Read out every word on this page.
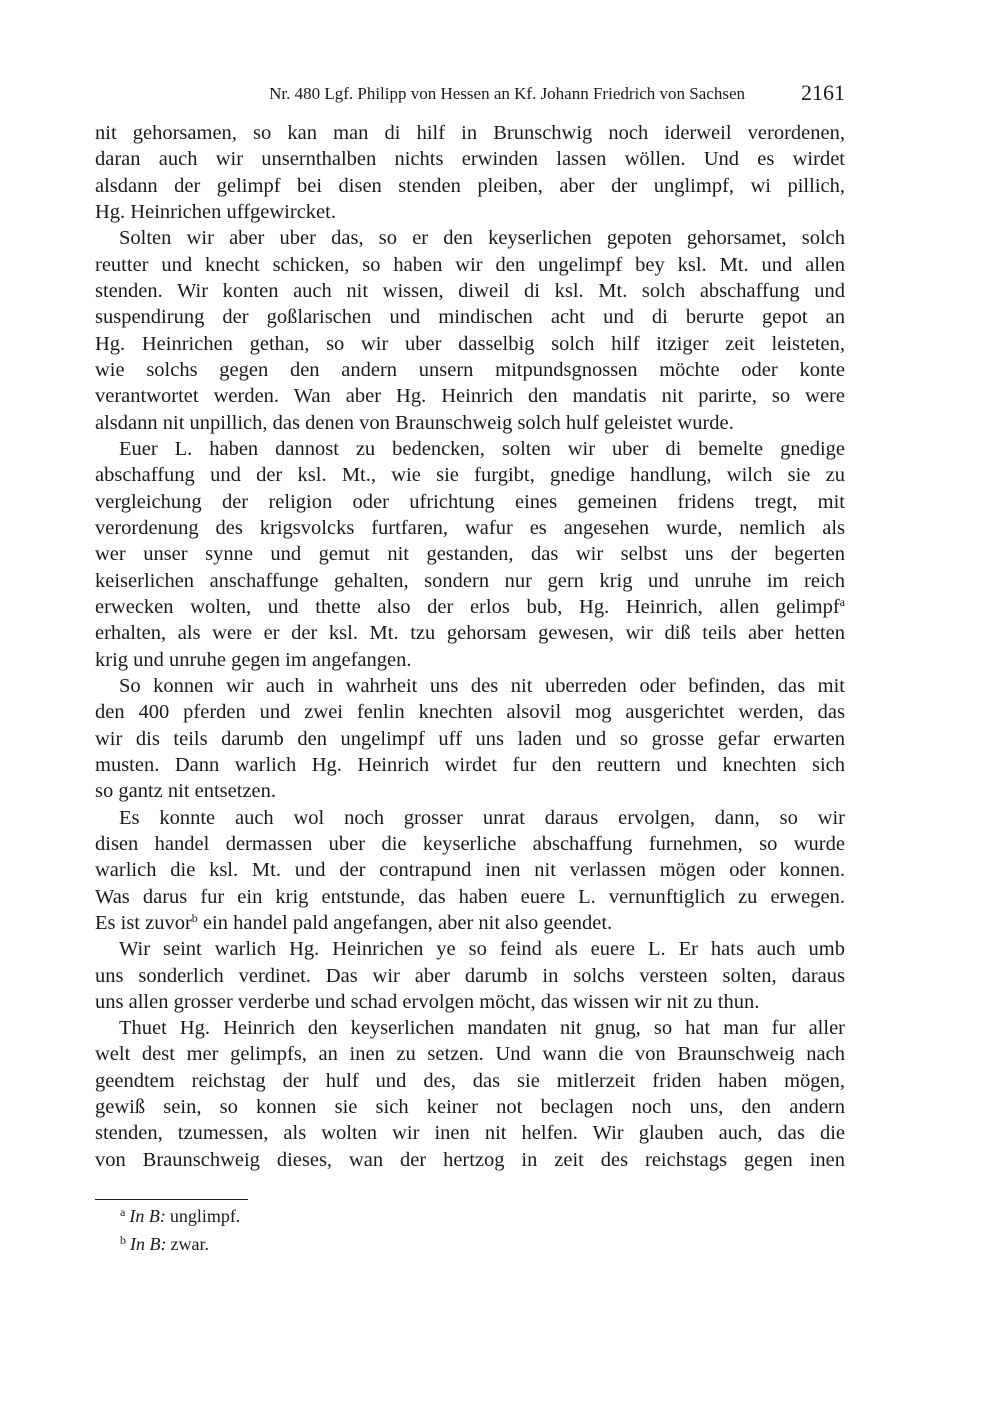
Nr. 480 Lgf. Philipp von Hessen an Kf. Johann Friedrich von Sachsen	2161
nit gehorsamen, so kan man di hilf in Brunschwig noch iderweil verordenen,
daran auch wir unsernthalben nichts erwinden lassen wöllen. Und es wirdet
alsdann der gelimpf bei disen stenden pleiben, aber der unglimpf, wi pillich,
Hg. Heinrichen uffgewircket.
Solten wir aber uber das, so er den keyserlichen gepoten gehorsamet, solch
reutter und knecht schicken, so haben wir den ungelimpf bey ksl. Mt. und allen
stenden. Wir konten auch nit wissen, diweil di ksl. Mt. solch abschaffung und
suspendirung der goßlarischen und mindischen acht und di berurte gepot an
Hg. Heinrichen gethan, so wir uber dasselbig solch hilf itziger zeit leisteten,
wie solchs gegen den andern unsern mitpundsgnossen möchte oder konte
verantwortet werden. Wan aber Hg. Heinrich den mandatis nit parirte, so were
alsdann nit unpillich, das denen von Braunschweig solch hulf geleistet wurde.
Euer L. haben dannost zu bedencken, solten wir uber di bemelte gnedige
abschaffung und der ksl. Mt., wie sie furgibt, gnedige handlung, wilch sie zu
vergleichung der religion oder ufrichtung eines gemeinen fridens tregt, mit
verordenung des krigsvolcks furtfaren, wafur es angesehen wurde, nemlich als
wer unser synne und gemut nit gestanden, das wir selbst uns der begerten
keiserlichen anschaffunge gehalten, sondern nur gern krig und unruhe im reich
erwecken wolten, und thette also der erlos bub, Hg. Heinrich, allen gelimpf$^a$
erhalten, als were er der ksl. Mt. tzu gehorsam gewesen, wir diß teils aber hetten
krig und unruhe gegen im angefangen.
So konnen wir auch in wahrheit uns des nit uberreden oder befinden, das mit
den 400 pferden und zwei fenlin knechten alsovil mog ausgerichtet werden, das
wir dis teils darumb den ungelimpf uff uns laden und so grosse gefar erwarten
musten. Dann warlich Hg. Heinrich wirdet fur den reuttern und knechten sich
so gantz nit entsetzen.
Es konnte auch wol noch grosser unrat daraus ervolgen, dann, so wir
disen handel dermassen uber die keyserliche abschaffung furnehmen, so wurde
warlich die ksl. Mt. und der contrapund inen nit verlassen mögen oder konnen.
Was darus fur ein krig entstunde, das haben euere L. vernunftiglich zu erwegen.
Es ist zuvor$^b$ ein handel pald angefangen, aber nit also geendet.
Wir seint warlich Hg. Heinrichen ye so feind als euere L. Er hats auch umb
uns sonderlich verdinet. Das wir aber darumb in solchs versteen solten, daraus
uns allen grosser verderbe und schad ervolgen möcht, das wissen wir nit zu thun.
Thuet Hg. Heinrich den keyserlichen mandaten nit gnug, so hat man fur aller
welt dest mer gelimpfs, an inen zu setzen. Und wann die von Braunschweig nach
geendtem reichstag der hulf und des, das sie mitlerzeit friden haben mögen,
gewiß sein, so konnen sie sich keiner not beclagen noch uns, den andern
stenden, tzumessen, als wolten wir inen nit helfen. Wir glauben auch, das die
von Braunschweig dieses, wan der hertzog in zeit des reichstags gegen inen
$^a$ In B: unglimpf.
$^b$ In B: zwar.
